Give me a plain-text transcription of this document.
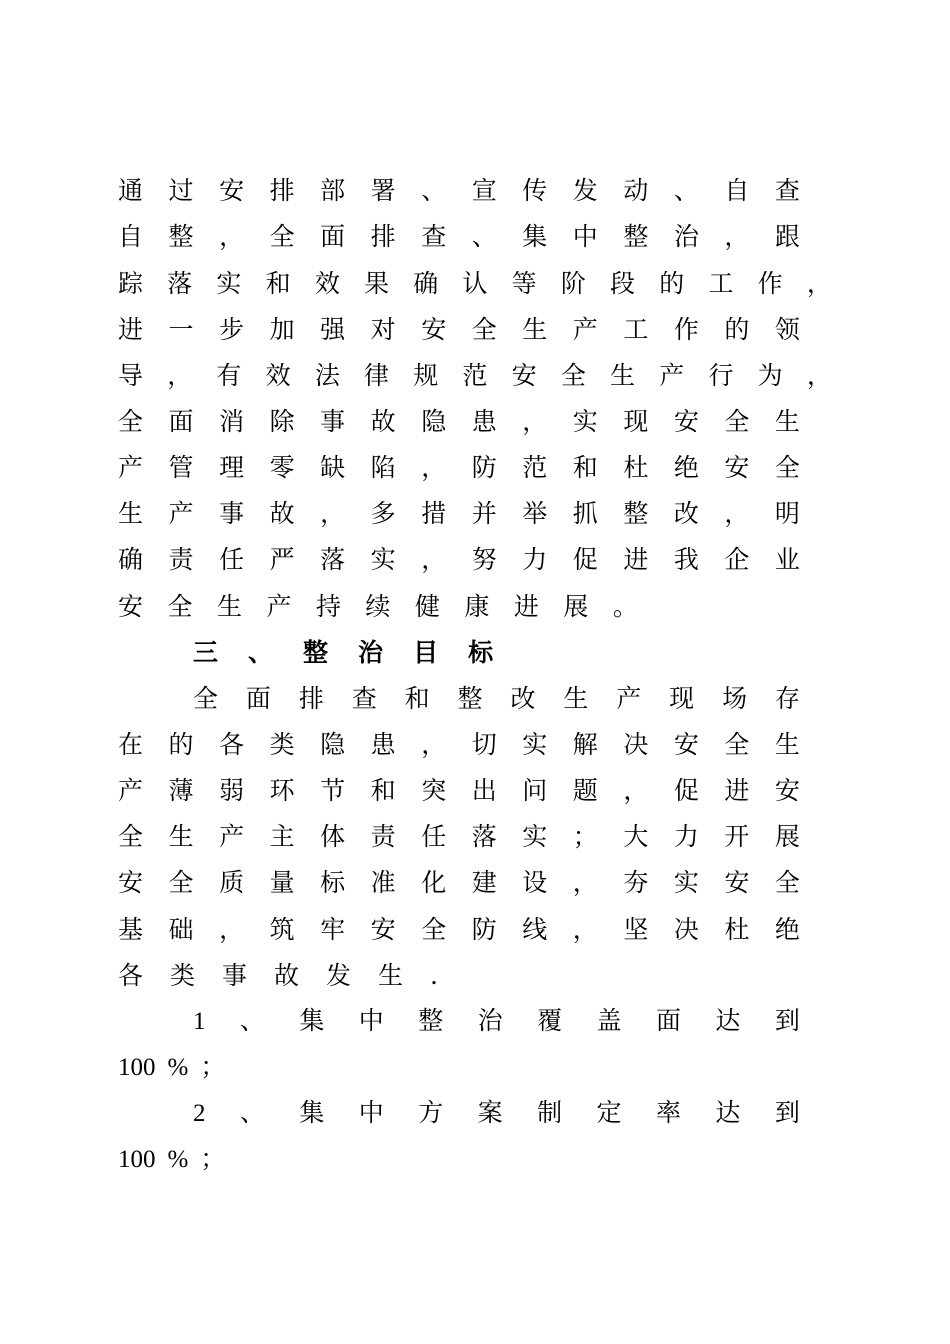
通 过 安 排 部 署 、 宣 传 发 动 、 自 查
自 整 ， 全 面 排 查 、 集 中 整 治 ， 跟
踪 落 实 和 效 果 确 认 等 阶 段 的 工 作 ，
进 一 步 加 强 对 安 全 生 产 工 作 的 领
导 ， 有 效 法 律 规 范 安 全 生 产 行 为 ，
全 面 消 除 事 故 隐 患 ， 实 现 安 全 生
产 管 理 零 缺 陷 ， 防 范 和 杜 绝 安 全
生 产 事 故 ， 多 措 并 举 抓 整 改 ， 明
确 责 任 严 落 实 ， 努 力 促 进 我 企 业
安 全 生 产 持 续 健 康 进 展 。
三 、 整 治 目 标
全 面 排 查 和 整 改 生 产 现 场 存
在 的 各 类 隐 患 ， 切 实 解 决 安 全 生
产 薄 弱 环 节 和 突 出 问 题 ， 促 进 安
全 生 产 主 体 责 任 落 实 ； 大 力 开 展
安 全 质 量 标 准 化 建 设 ， 夯 实 安 全
基 础 ， 筑 牢 安 全 防 线 ， 坚 决 杜 绝
各 类 事 故 发 生 .
1 、 集 中 整 治 覆 盖 面 达 到
100 % ；
2 、 集 中 方 案 制 定 率 达 到
100 % ；
